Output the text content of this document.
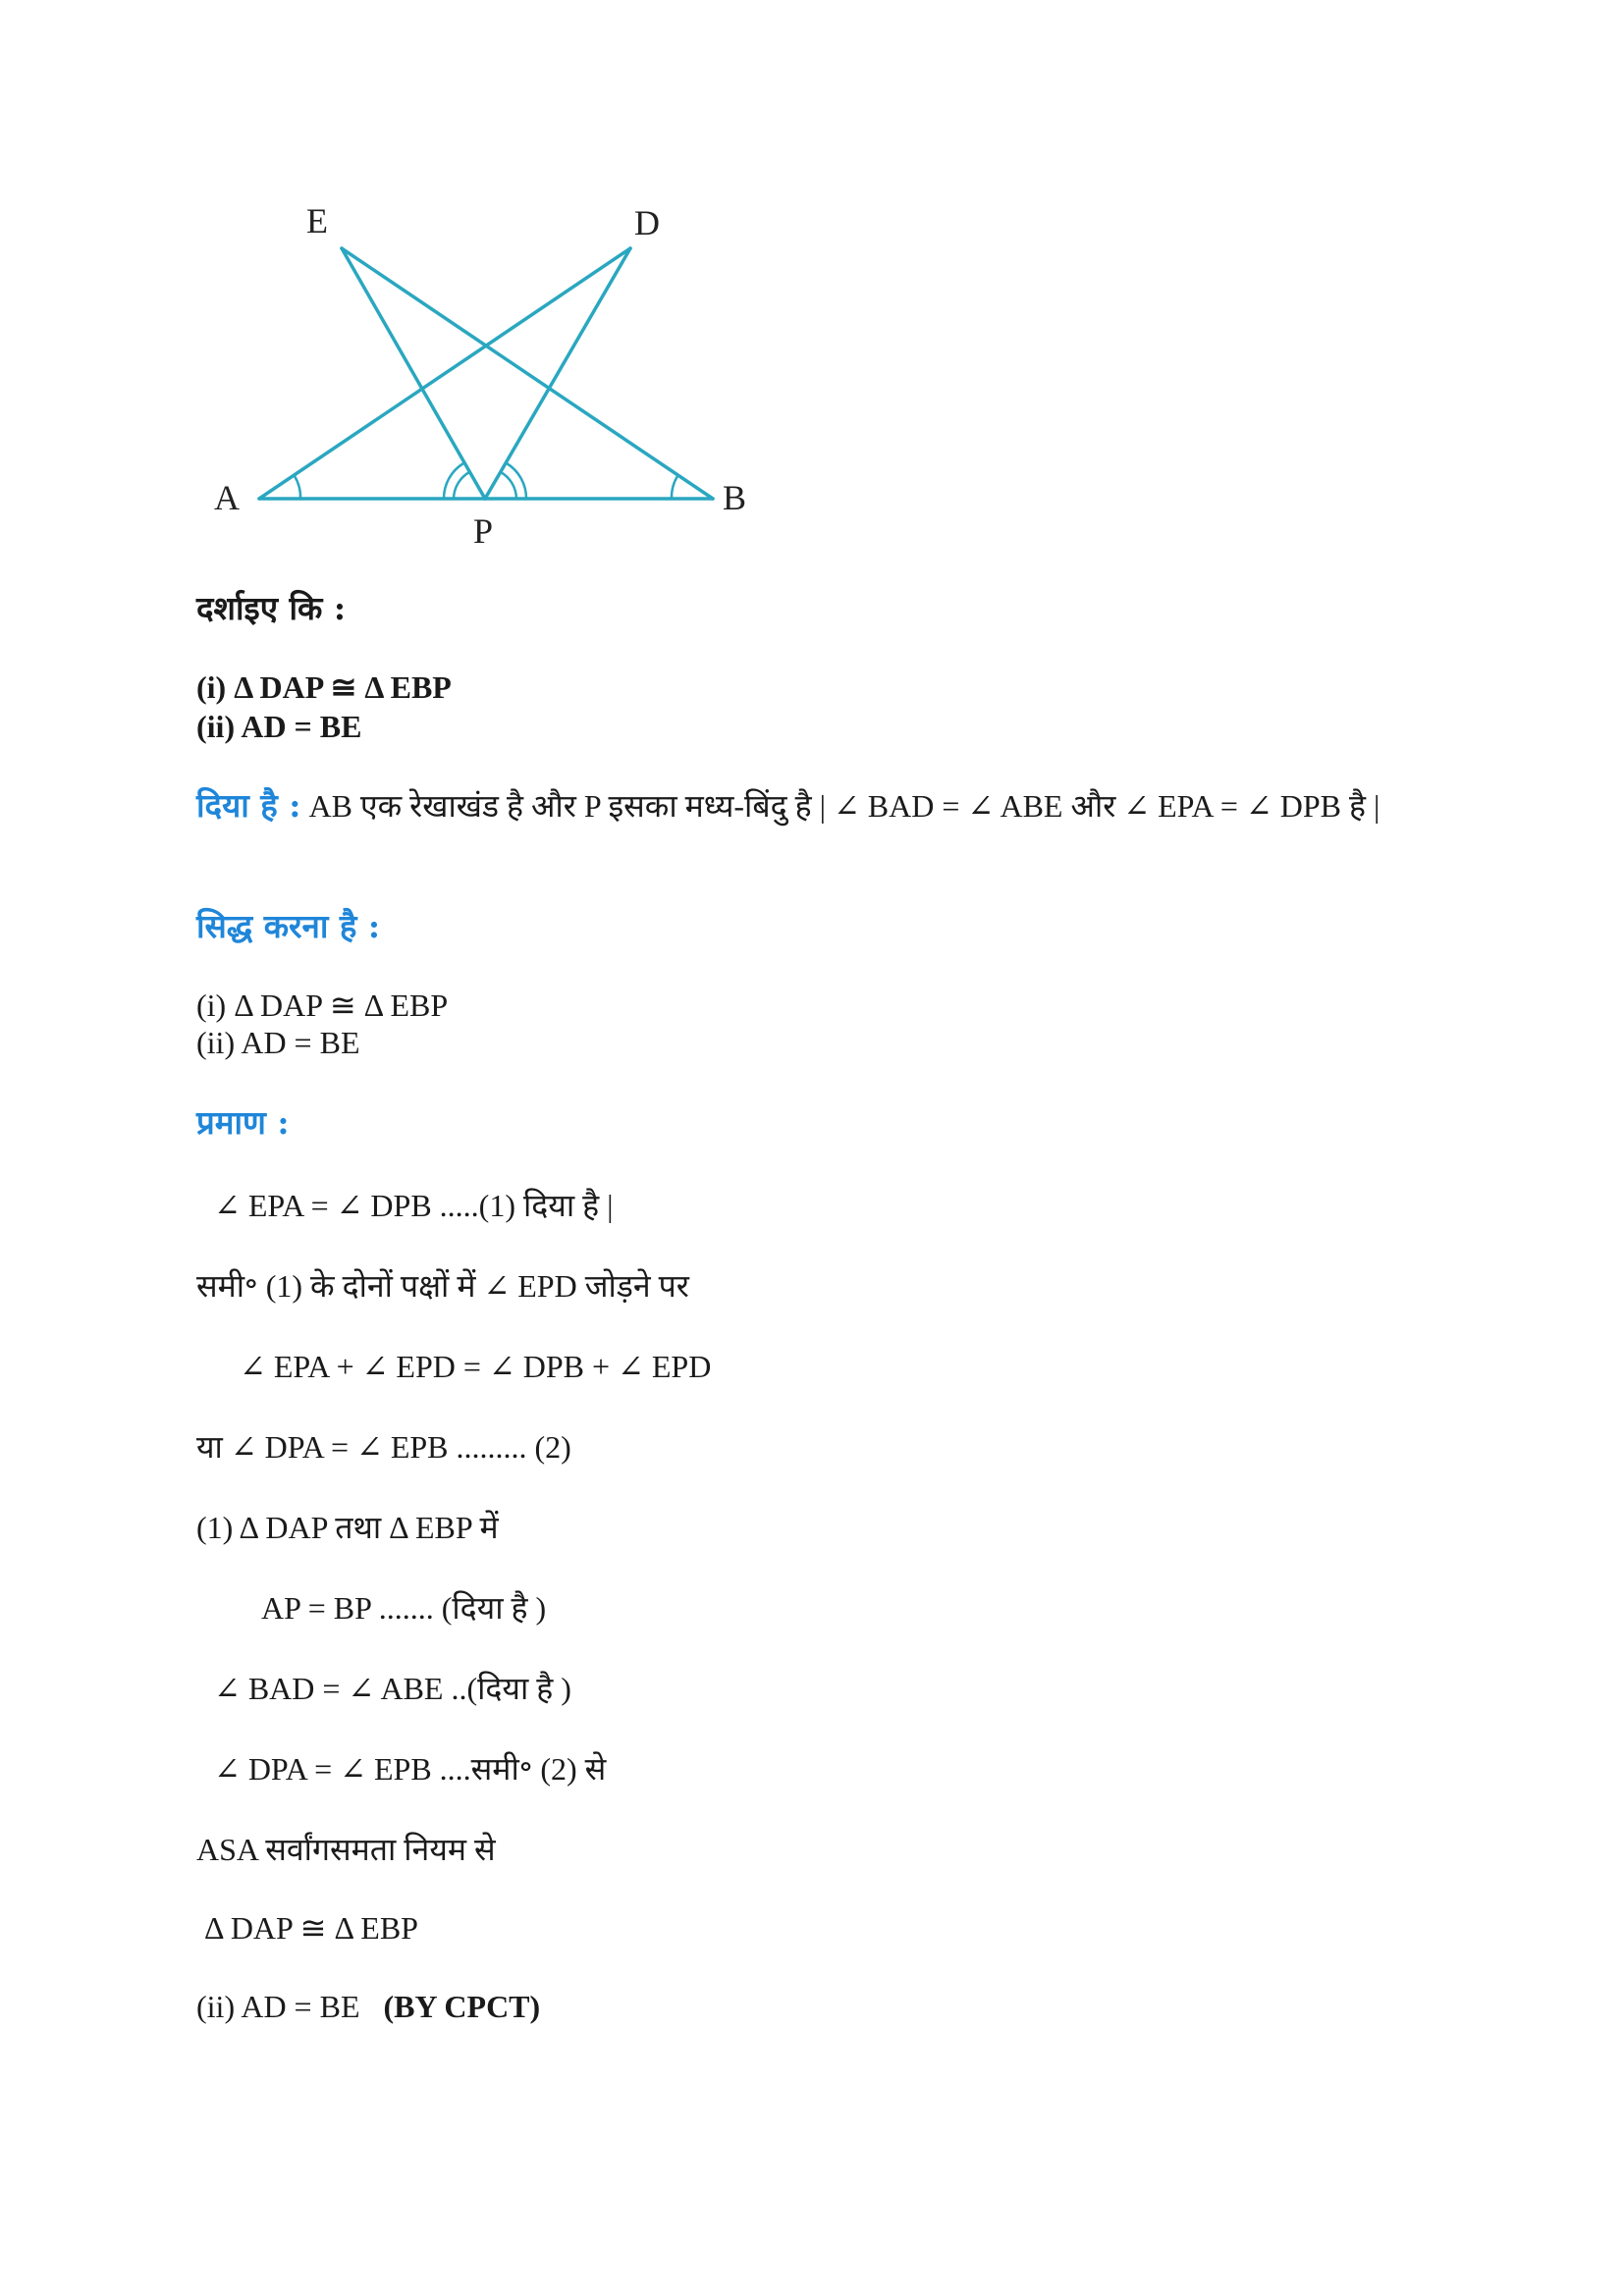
E	D
A	B
P
दर्शाइए कि :
(i) Δ DAP ≅ Δ EBP
(ii) AD = BE
दिया है : AB एक रेखाखंड है और P इसका मध्य-बिंदु है | ∠ BAD = ∠ ABE और ∠ EPA = ∠ DPB है |
सिद्ध करना है :
(i) Δ DAP ≅ Δ EBP
(ii) AD = BE
प्रमाण :
∠ EPA = ∠ DPB .....(1) दिया है |
समी॰ (1) के दोनों पक्षों में ∠ EPD जोड़ने पर
∠ EPA + ∠ EPD = ∠ DPB + ∠ EPD
या ∠ DPA = ∠ EPB ......... (2)
(1) Δ DAP तथा Δ EBP में
AP = BP ....... (दिया है )
∠ BAD = ∠ ABE ..(दिया है )
∠ DPA = ∠ EPB ....समी॰ (2) से
ASA सर्वांगसमता नियम से
Δ DAP ≅ Δ EBP
(ii) AD = BE   (BY CPCT)
